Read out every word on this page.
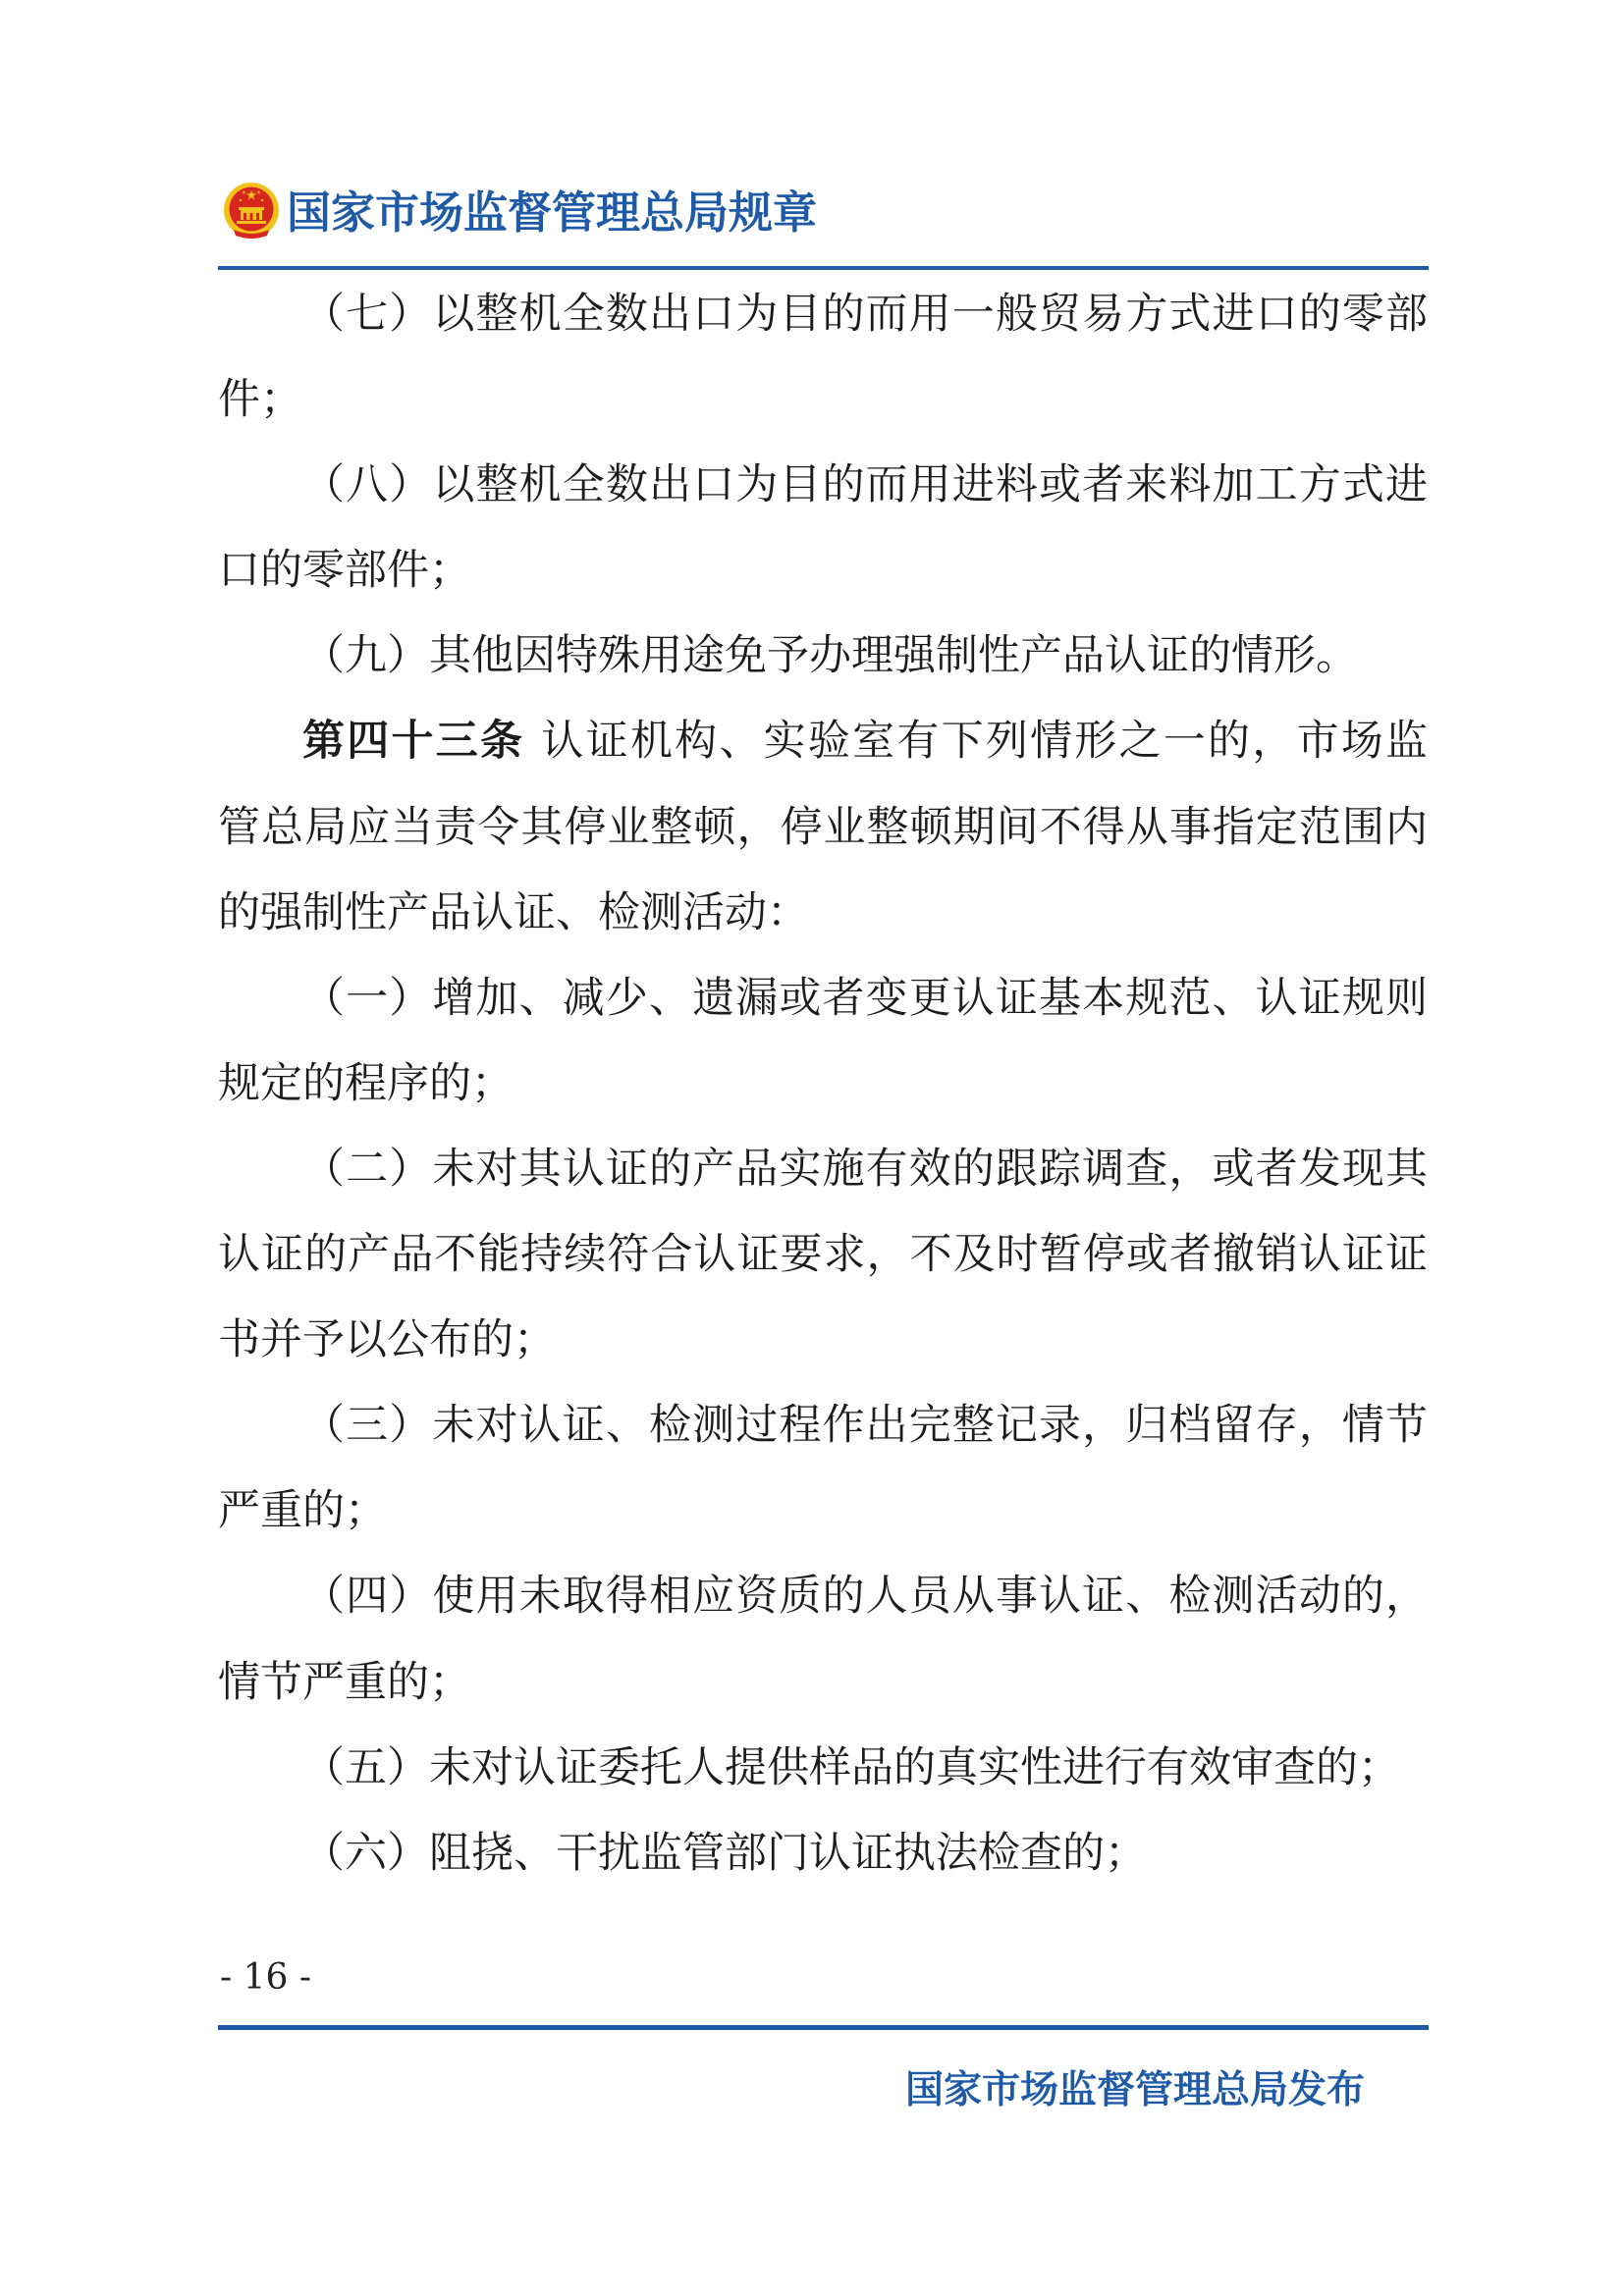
国家市场监督管理总局规章
（七）以整机全数出口为目的而用一般贸易方式进口的零部
件；
（八）以整机全数出口为目的而用进料或者来料加工方式进
口的零部件；
（九）其他因特殊用途免予办理强制性产品认证的情形。
第四十三条 认证机构、实验室有下列情形之一的，市场监
管总局应当责令其停业整顿，停业整顿期间不得从事指定范围内
的强制性产品认证、检测活动：
（一）增加、减少、遗漏或者变更认证基本规范、认证规则
规定的程序的；
（二）未对其认证的产品实施有效的跟踪调查，或者发现其
认证的产品不能持续符合认证要求，不及时暂停或者撤销认证证
书并予以公布的；
（三）未对认证、检测过程作出完整记录，归档留存，情节
严重的；
（四）使用未取得相应资质的人员从事认证、检测活动的，
情节严重的；
（五）未对认证委托人提供样品的真实性进行有效审查的；
（六）阻挠、干扰监管部门认证执法检查的；
- 16 -
国家市场监督管理总局发布
